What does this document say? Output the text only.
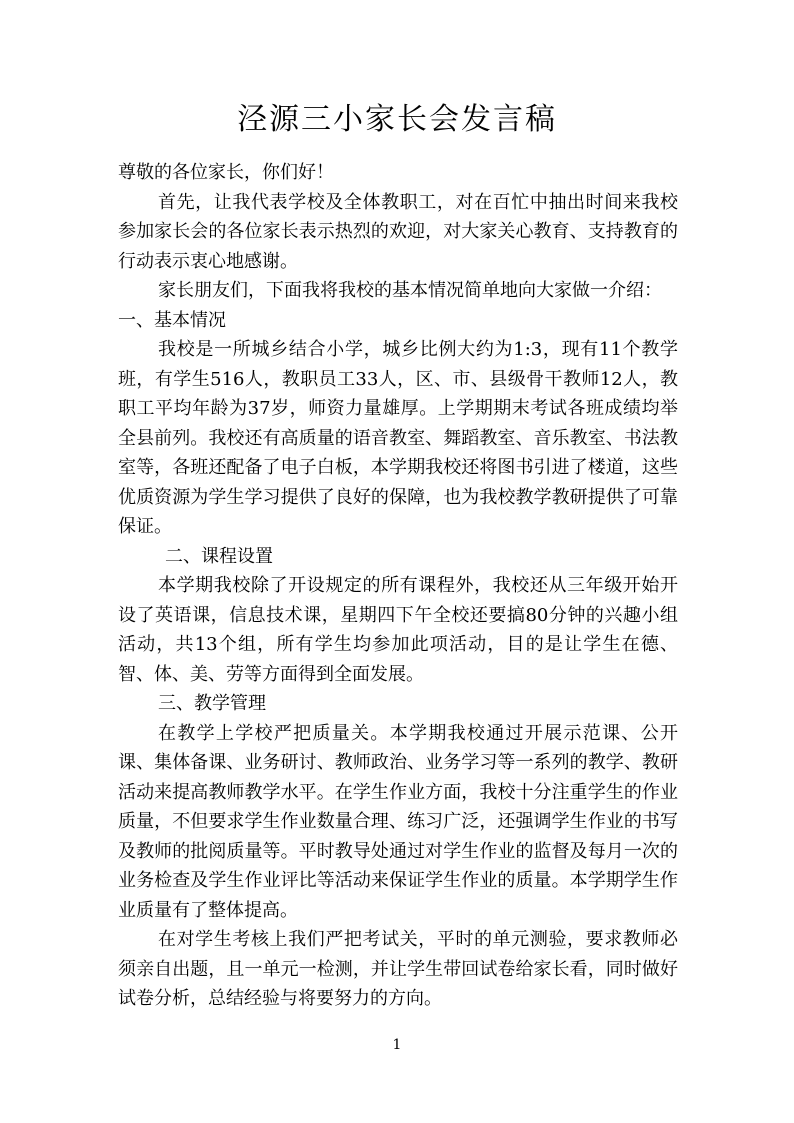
泾源三小家长会发言稿

尊敬的各位家长，你们好！

首先，让我代表学校及全体教职工，对在百忙中抽出时间来我校参加家长会的各位家长表示热烈的欢迎，对大家关心教育、支持教育的行动表示衷心地感谢。

家长朋友们，下面我将我校的基本情况简单地向大家做一介绍：

一、基本情况

我校是一所城乡结合小学，城乡比例大约为1:3，现有11个教学班，有学生516人，教职员工33人，区、市、县级骨干教师12人，教职工平均年龄为37岁，师资力量雄厚。上学期期末考试各班成绩均举全县前列。我校还有高质量的语音教室、舞蹈教室、音乐教室、书法教室等，各班还配备了电子白板，本学期我校还将图书引进了楼道，这些优质资源为学生学习提供了良好的保障，也为我校教学教研提供了可靠保证。

二、课程设置

本学期我校除了开设规定的所有课程外，我校还从三年级开始开设了英语课，信息技术课，星期四下午全校还要搞80分钟的兴趣小组活动，共13个组，所有学生均参加此项活动，目的是让学生在德、智、体、美、劳等方面得到全面发展。

三、教学管理

在教学上学校严把质量关。本学期我校通过开展示范课、公开课、集体备课、业务研讨、教师政治、业务学习等一系列的教学、教研活动来提高教师教学水平。在学生作业方面，我校十分注重学生的作业质量，不但要求学生作业数量合理、练习广泛，还强调学生作业的书写及教师的批阅质量等。平时教导处通过对学生作业的监督及每月一次的业务检查及学生作业评比等活动来保证学生作业的质量。本学期学生作业质量有了整体提高。

在对学生考核上我们严把考试关，平时的单元测验，要求教师必须亲自出题，且一单元一检测，并让学生带回试卷给家长看，同时做好试卷分析，总结经验与将要努力的方向。

1
